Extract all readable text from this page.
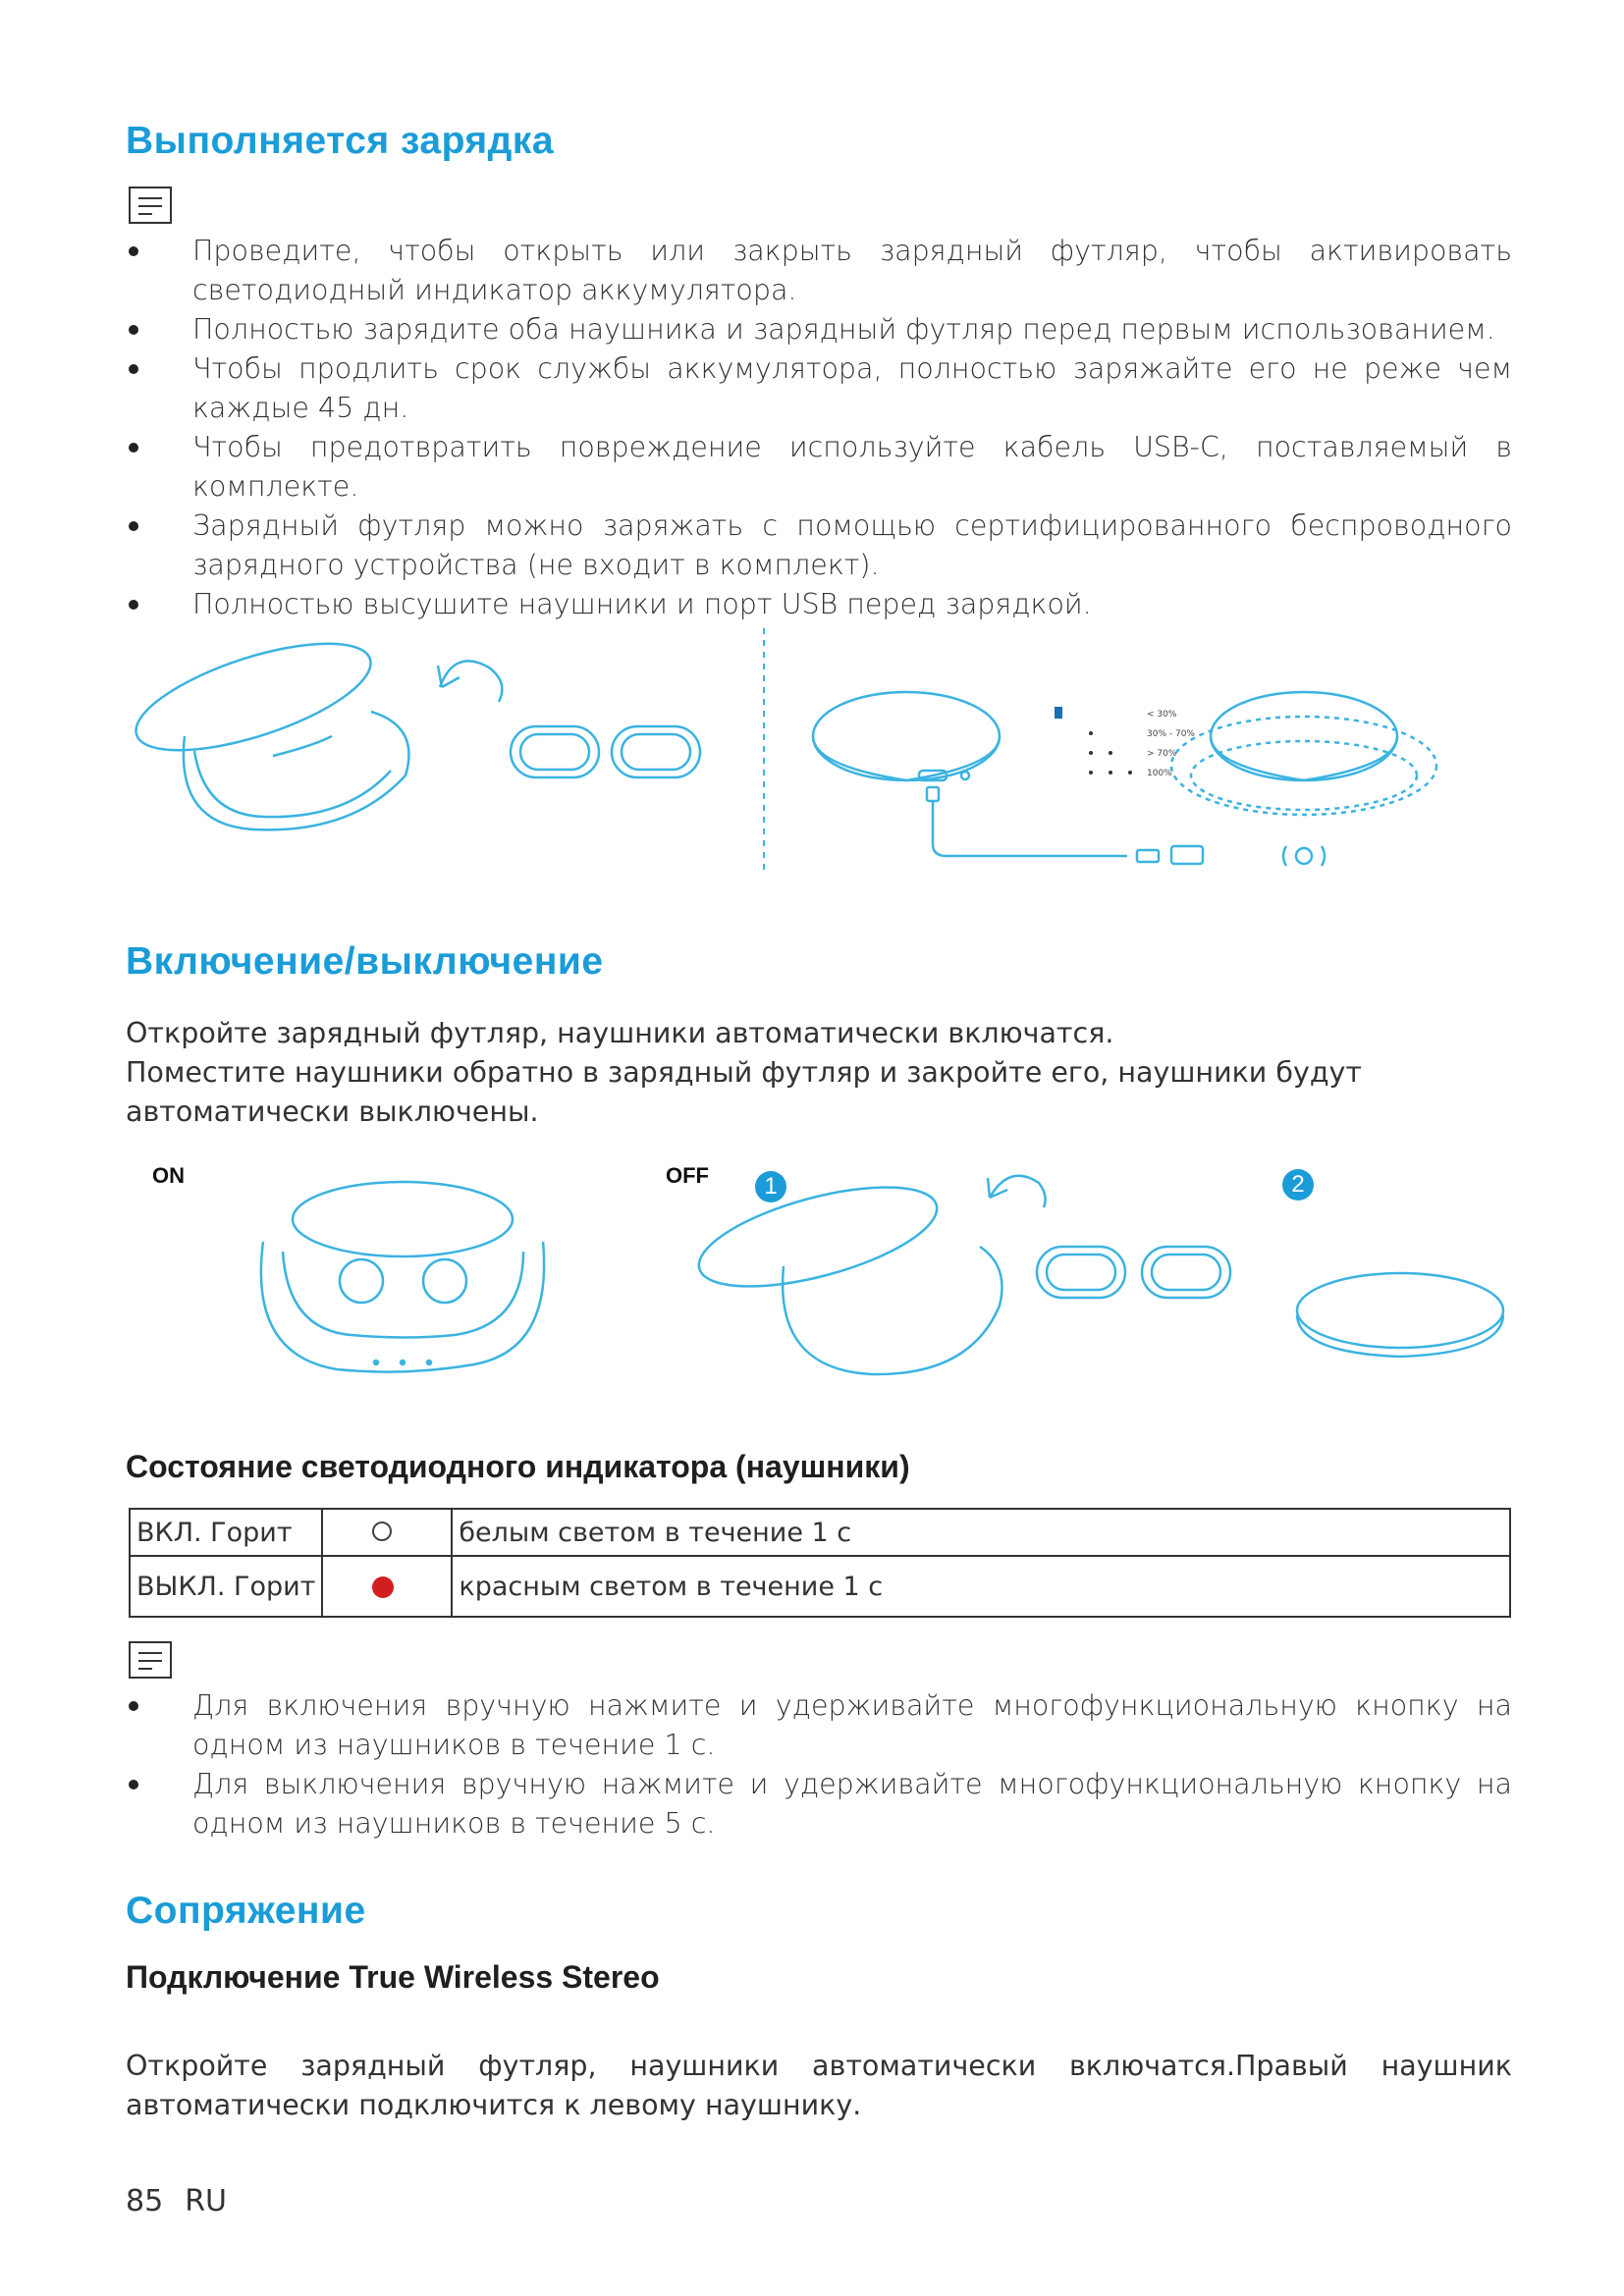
Выполняется зарядка
Проведите, чтобы открыть или закрыть зарядный футляр, чтобы активировать светодиодный индикатор аккумулятора.
Полностью зарядите оба наушника и зарядный футляр перед первым использованием.
Чтобы продлить срок службы аккумулятора, полностью заряжайте его не реже чем каждые 45 дн.
Чтобы предотвратить повреждение используйте кабель USB-C, поставляемый в комплекте.
Зарядный футляр можно заряжать с помощью сертифицированного беспроводного зарядного устройства (не входит в комплект).
Полностью высушите наушники и порт USB перед зарядкой.
< 30%
30% - 70%
> 70%
100%
Включение/выключение

Откройте зарядный футляр, наушники автоматически включатся.

Поместите наушники обратно в зарядный футляр и закройте его, наушники будут автоматически выключены.

ON	OFF	1	2
Состояние светодиодного индикатора (наушники)
ВКЛ. Горит		белым светом в течение 1 с
ВЫКЛ. Горит		красным светом в течение 1 с
Для включения вручную нажмите и удерживайте многофункциональную кнопку на одном из наушников в течение 1 с.
Для выключения вручную нажмите и удерживайте многофункциональную кнопку на одном из наушников в течение 5 с.
Сопряжение
Подключение True Wireless Stereo
Откройте зарядный футляр, наушники автоматически включатся.Правый наушник автоматически подключится к левому наушнику.
85 RU
